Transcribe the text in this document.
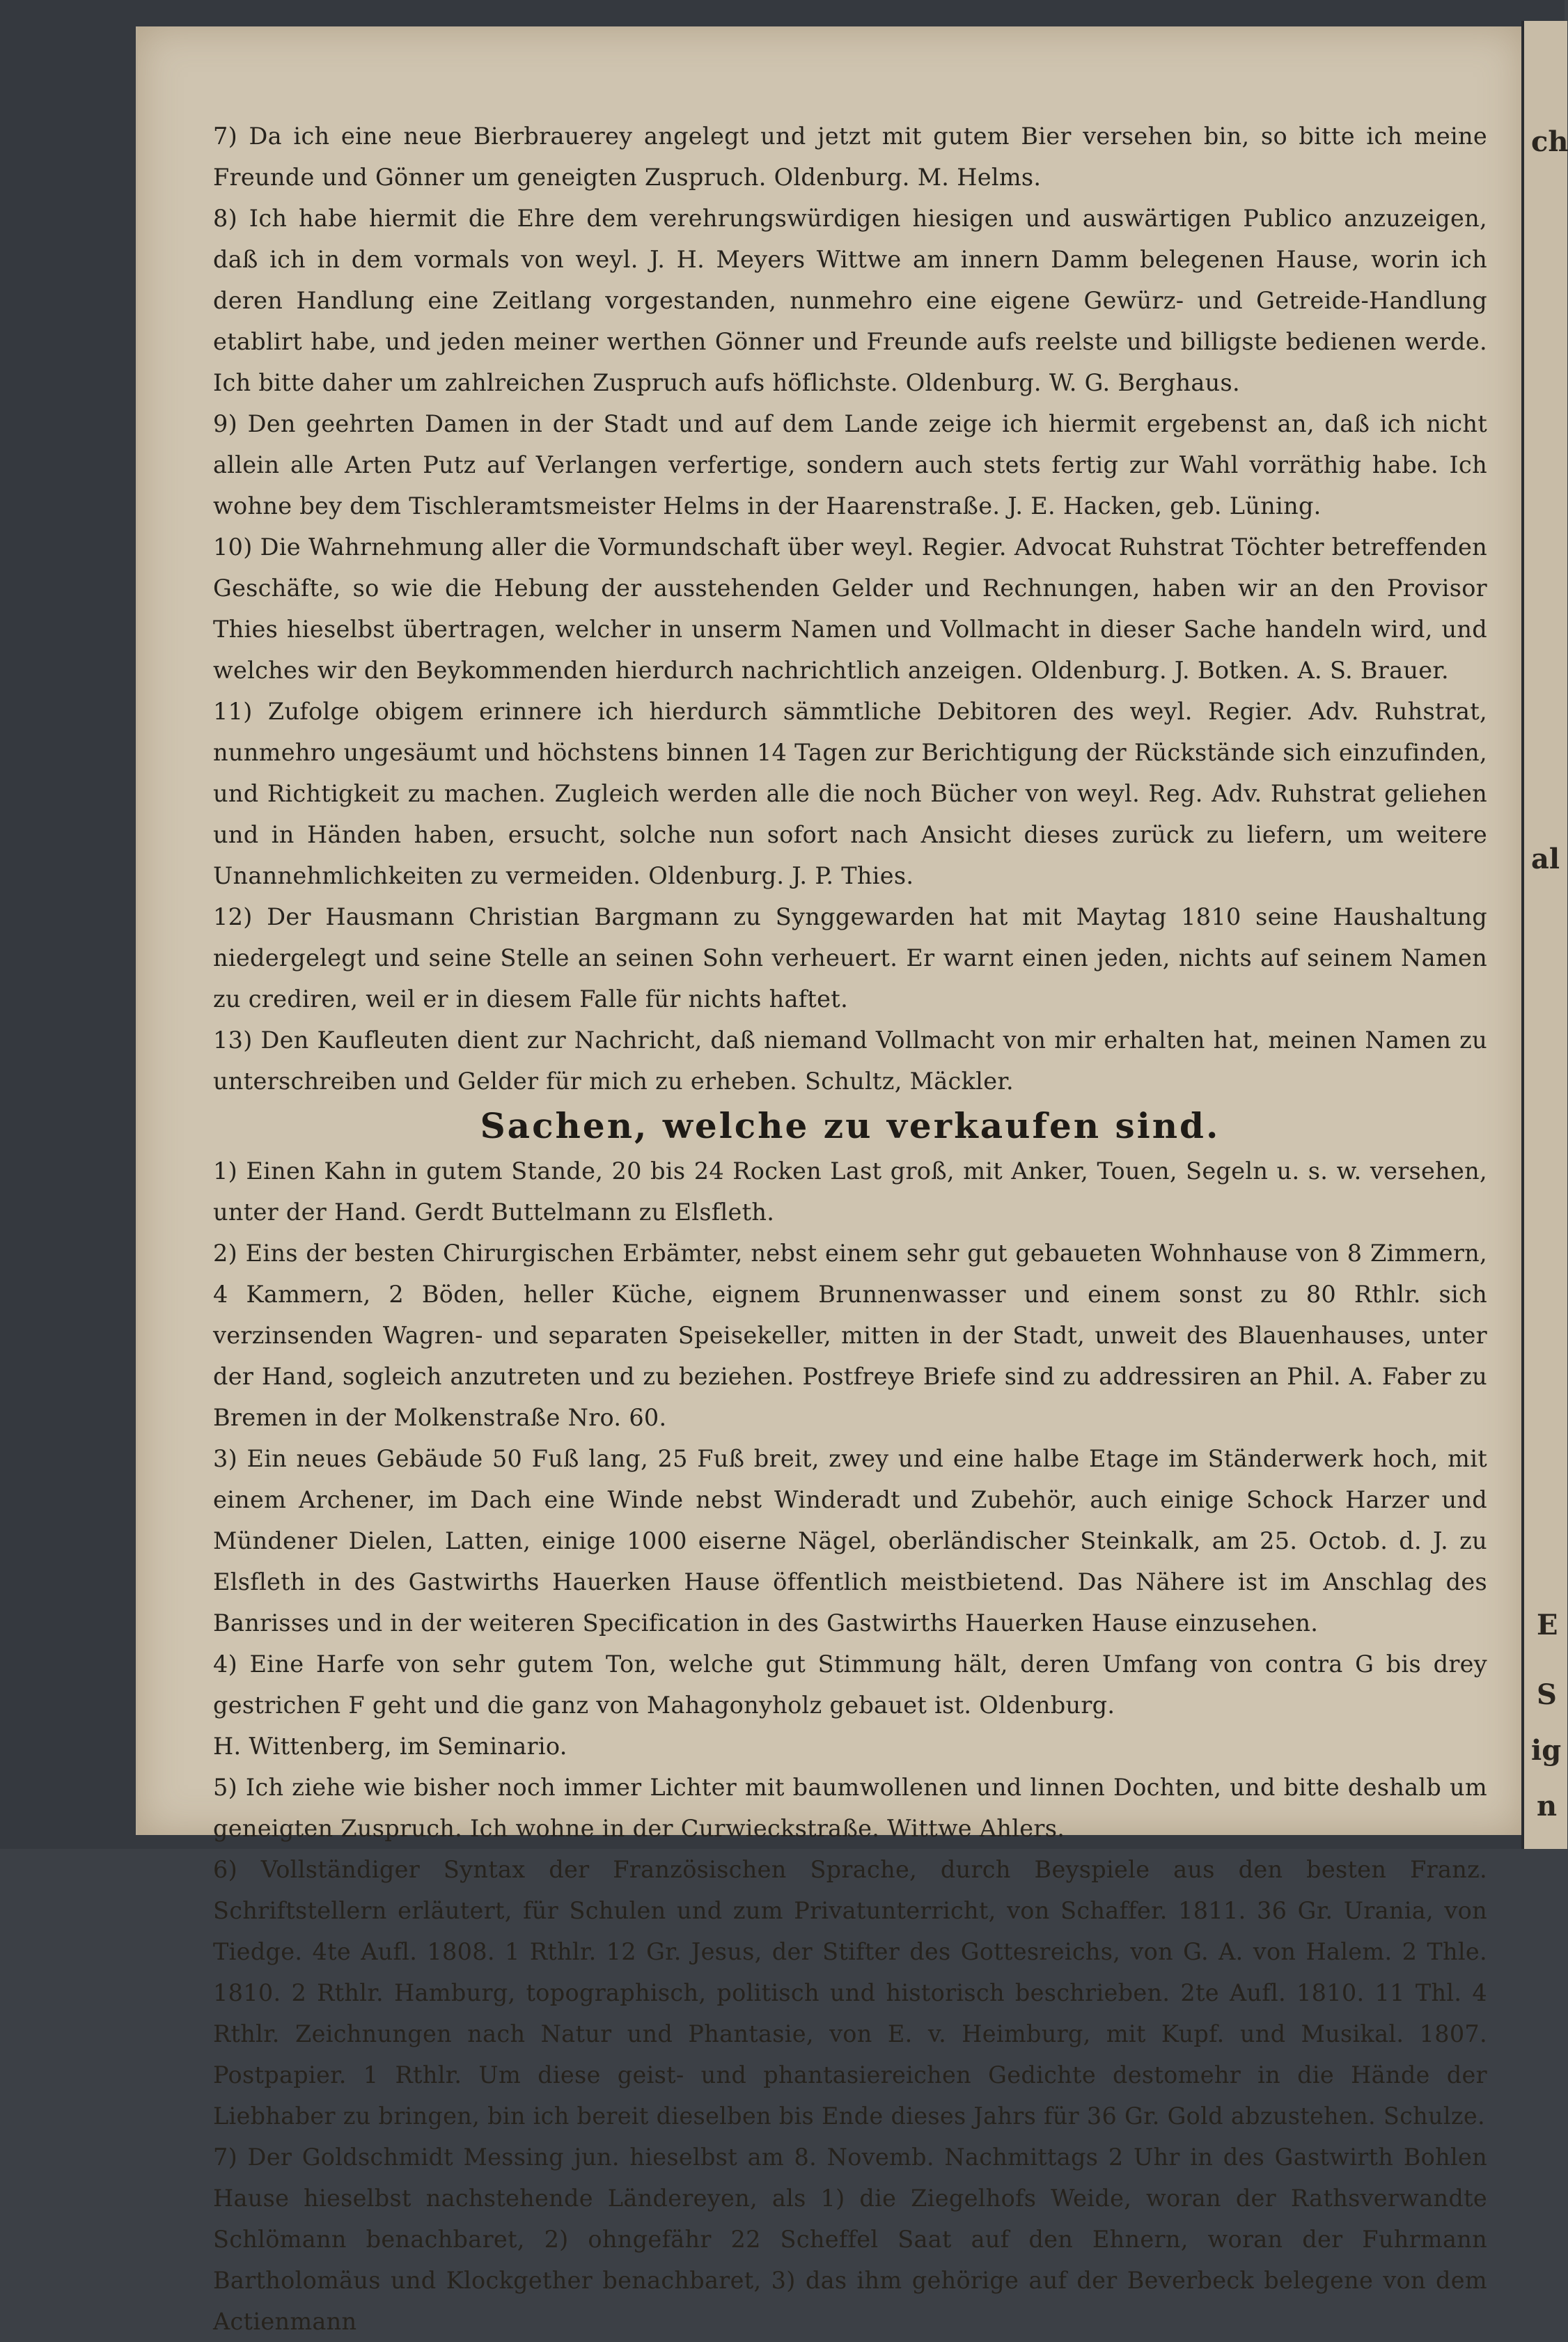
7) Da ich eine neue Bierbrauerey angelegt und jetzt mit gutem Bier versehen bin, so bitte ich meine Freunde und Gönner um geneigten Zuspruch. Oldenburg. M. Helms.

8) Ich habe hiermit die Ehre dem verehrungswürdigen hiesigen und auswärtigen Publico anzuzeigen, daß ich in dem vormals von weyl. J. H. Meyers Wittwe am innern Damm belegenen Hause, worin ich deren Handlung eine Zeitlang vorgestanden, nunmehro eine eigene Gewürz- und Getreide-Handlung etablirt habe, und jeden meiner werthen Gönner und Freunde aufs reelste und billigste bedienen werde. Ich bitte daher um zahlreichen Zuspruch aufs höflichste. Oldenburg. W. G. Berghaus.

9) Den geehrten Damen in der Stadt und auf dem Lande zeige ich hiermit ergebenst an, daß ich nicht allein alle Arten Putz auf Verlangen verfertige, sondern auch stets fertig zur Wahl vorräthig habe. Ich wohne bey dem Tischleramtsmeister Helms in der Haarenstraße. J. E. Hacken, geb. Lüning.

10) Die Wahrnehmung aller die Vormundschaft über weyl. Regier. Advocat Ruhstrat Töchter betreffenden Geschäfte, so wie die Hebung der ausstehenden Gelder und Rechnungen, haben wir an den Provisor Thies hieselbst übertragen, welcher in unserm Namen und Vollmacht in dieser Sache handeln wird, und welches wir den Beykommenden hierdurch nachrichtlich anzeigen. Oldenburg. J. Botken. A. S. Brauer.

11) Zufolge obigem erinnere ich hierdurch sämmtliche Debitoren des weyl. Regier. Adv. Ruhstrat, nunmehro ungesäumt und höchstens binnen 14 Tagen zur Berichtigung der Rückstände sich einzufinden, und Richtigkeit zu machen. Zugleich werden alle die noch Bücher von weyl. Reg. Adv. Ruhstrat geliehen und in Händen haben, ersucht, solche nun sofort nach Ansicht dieses zurück zu liefern, um weitere Unannehmlichkeiten zu vermeiden. Oldenburg. J. P. Thies.

12) Der Hausmann Christian Bargmann zu Synggewarden hat mit Maytag 1810 seine Haushaltung niedergelegt und seine Stelle an seinen Sohn verheuert. Er warnt einen jeden, nichts auf seinem Namen zu crediren, weil er in diesem Falle für nichts haftet.

13) Den Kaufleuten dient zur Nachricht, daß niemand Vollmacht von mir erhalten hat, meinen Namen zu unterschreiben und Gelder für mich zu erheben. Schultz, Mäckler.

Sachen, welche zu verkaufen sind.

1) Einen Kahn in gutem Stande, 20 bis 24 Rocken Last groß, mit Anker, Touen, Segeln u. s. w. versehen, unter der Hand. Gerdt Buttelmann zu Elsfleth.

2) Eins der besten Chirurgischen Erbämter, nebst einem sehr gut gebaueten Wohnhause von 8 Zimmern, 4 Kammern, 2 Böden, heller Küche, eignem Brunnenwasser und einem sonst zu 80 Rthlr. sich verzinsenden Wagren- und separaten Speisekeller, mitten in der Stadt, unweit des Blauenhauses, unter der Hand, sogleich anzutreten und zu beziehen. Postfreye Briefe sind zu addressiren an Phil. A. Faber zu Bremen in der Molkenstraße Nro. 60.

3) Ein neues Gebäude 50 Fuß lang, 25 Fuß breit, zwey und eine halbe Etage im Ständerwerk hoch, mit einem Archener, im Dach eine Winde nebst Winderadt und Zubehör, auch einige Schock Harzer und Mündener Dielen, Latten, einige 1000 eiserne Nägel, oberländischer Steinkalk, am 25. Octob. d. J. zu Elsfleth in des Gastwirths Hauerken Hause öffentlich meistbietend. Das Nähere ist im Anschlag des Banrisses und in der weiteren Specification in des Gastwirths Hauerken Hause einzusehen.

4) Eine Harfe von sehr gutem Ton, welche gut Stimmung hält, deren Umfang von contra G bis drey gestrichen F geht und die ganz von Mahagonyholz gebauet ist. Oldenburg.
H. Wittenberg, im Seminario.

5) Ich ziehe wie bisher noch immer Lichter mit baumwollenen und linnen Dochten, und bitte deshalb um geneigten Zuspruch. Ich wohne in der Curwieckstraße. Wittwe Ahlers.

6) Vollständiger Syntax der Französischen Sprache, durch Beyspiele aus den besten Franz. Schriftstellern erläutert, für Schulen und zum Privatunterricht, von Schaffer. 1811. 36 Gr. Urania, von Tiedge. 4te Aufl. 1808. 1 Rthlr. 12 Gr. Jesus, der Stifter des Gottesreichs, von G. A. von Halem. 2 Thle. 1810. 2 Rthlr. Hamburg, topographisch, politisch und historisch beschrieben. 2te Aufl. 1810. 11 Thl. 4 Rthlr. Zeichnungen nach Natur und Phantasie, von E. v. Heimburg, mit Kupf. und Musikal. 1807. Postpapier. 1 Rthlr. Um diese geist- und phantasiereichen Gedichte destomehr in die Hände der Liebhaber zu bringen, bin ich bereit dieselben bis Ende dieses Jahrs für 36 Gr. Gold abzustehen. Schulze.

7) Der Goldschmidt Messing jun. hieselbst am 8. Novemb. Nachmittags 2 Uhr in des Gastwirth Bohlen Hause hieselbst nachstehende Ländereyen, als 1) die Ziegelhofs Weide, woran der Rathsverwandte Schlömann benachbaret, 2) ohngefähr 22 Scheffel Saat auf den Ehnern, woran der Fuhrmann Bartholomäus und Klockgether benachbaret, 3) das ihm gehörige auf der Beverbeck belegene von dem Actienmann

ch
al
E
S
ig
n
